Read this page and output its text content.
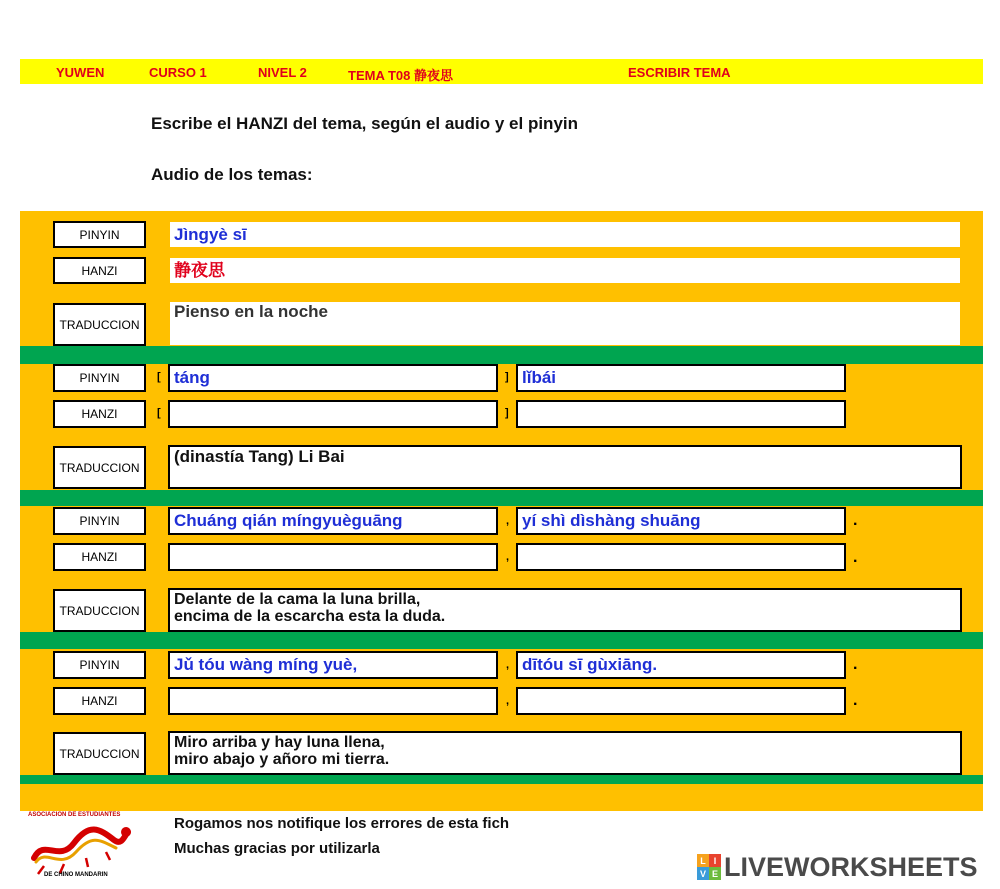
YUWEN	CURSO 1	NIVEL 2	TEMA T08 静夜思	ESCRIBIR TEMA
Escribe el HANZI del tema, según el audio y el pinyin
Audio de los temas:
PINYIN	Jìngyè sī
HANZI	静夜思
TRADUCCION
Pienso en la noche
PINYIN	[ táng	] lǐbái
HANZI	[	]
TRADUCCION
(dinastía Tang) Li Bai
PINYIN	Chuáng qián míngyuèguāng	, yí shì dìshàng shuāng	.
HANZI	,	.
TRADUCCION
Delante de la cama la luna brilla,
encima de la escarcha esta la duda.
PINYIN	Jǔ tóu wàng míng yuè,	, dītóu sī gùxiāng.	.
HANZI	,	.
TRADUCCION
Miro arriba y hay luna llena,
miro abajo y añoro mi tierra.
ASOCIACION DE ESTUDIANTES
DE CHINO MANDARIN
Rogamos nos notifique los errores de esta fich
Muchas gracias por utilizarla
L I
V E LIVEWORKSHEETS
